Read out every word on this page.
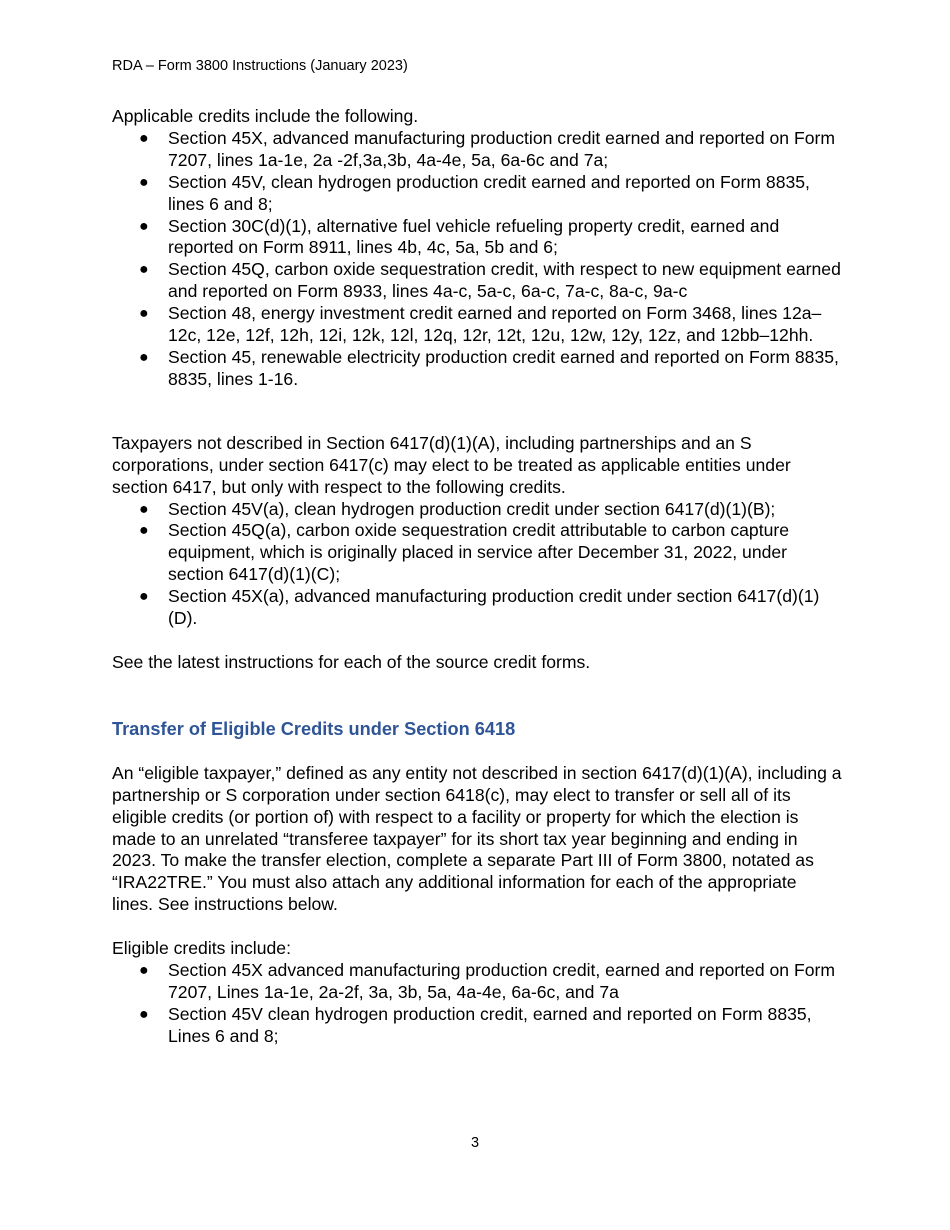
RDA – Form 3800 Instructions (January 2023)

Applicable credits include the following.

● Section 45X, advanced manufacturing production credit earned and reported on Form 7207, lines 1a-1e, 2a -2f,3a,3b, 4a-4e, 5a, 6a-6c and 7a;
● Section 45V, clean hydrogen production credit earned and reported on Form 8835, lines 6 and 8;
● Section 30C(d)(1), alternative fuel vehicle refueling property credit, earned and reported on Form 8911, lines 4b, 4c, 5a, 5b and 6;
● Section 45Q, carbon oxide sequestration credit, with respect to new equipment earned and reported on Form 8933, lines 4a-c, 5a-c, 6a-c, 7a-c, 8a-c, 9a-c
● Section 48, energy investment credit earned and reported on Form 3468, lines 12a–12c, 12e, 12f, 12h, 12i, 12k, 12l, 12q, 12r, 12t, 12u, 12w, 12y, 12z, and 12bb–12hh.
● Section 45, renewable electricity production credit earned and reported on Form 8835, 8835, lines 1-16.

Taxpayers not described in Section 6417(d)(1)(A), including partnerships and an S corporations, under section 6417(c) may elect to be treated as applicable entities under section 6417, but only with respect to the following credits.

● Section 45V(a), clean hydrogen production credit under section 6417(d)(1)(B);
● Section 45Q(a), carbon oxide sequestration credit attributable to carbon capture equipment, which is originally placed in service after December 31, 2022, under section 6417(d)(1)(C);
● Section 45X(a), advanced manufacturing production credit under section 6417(d)(1)(D).

See the latest instructions for each of the source credit forms.

Transfer of Eligible Credits under Section 6418

An “eligible taxpayer,” defined as any entity not described in section 6417(d)(1)(A), including a partnership or S corporation under section 6418(c), may elect to transfer or sell all of its eligible credits (or portion of) with respect to a facility or property for which the election is made to an unrelated “transferee taxpayer” for its short tax year beginning and ending in 2023. To make the transfer election, complete a separate Part III of Form 3800, notated as “IRA22TRE.” You must also attach any additional information for each of the appropriate lines. See instructions below.

Eligible credits include:

● Section 45X advanced manufacturing production credit, earned and reported on Form 7207, Lines 1a-1e, 2a-2f, 3a, 3b, 5a, 4a-4e, 6a-6c, and 7a
● Section 45V clean hydrogen production credit, earned and reported on Form 8835, Lines 6 and 8;
3
